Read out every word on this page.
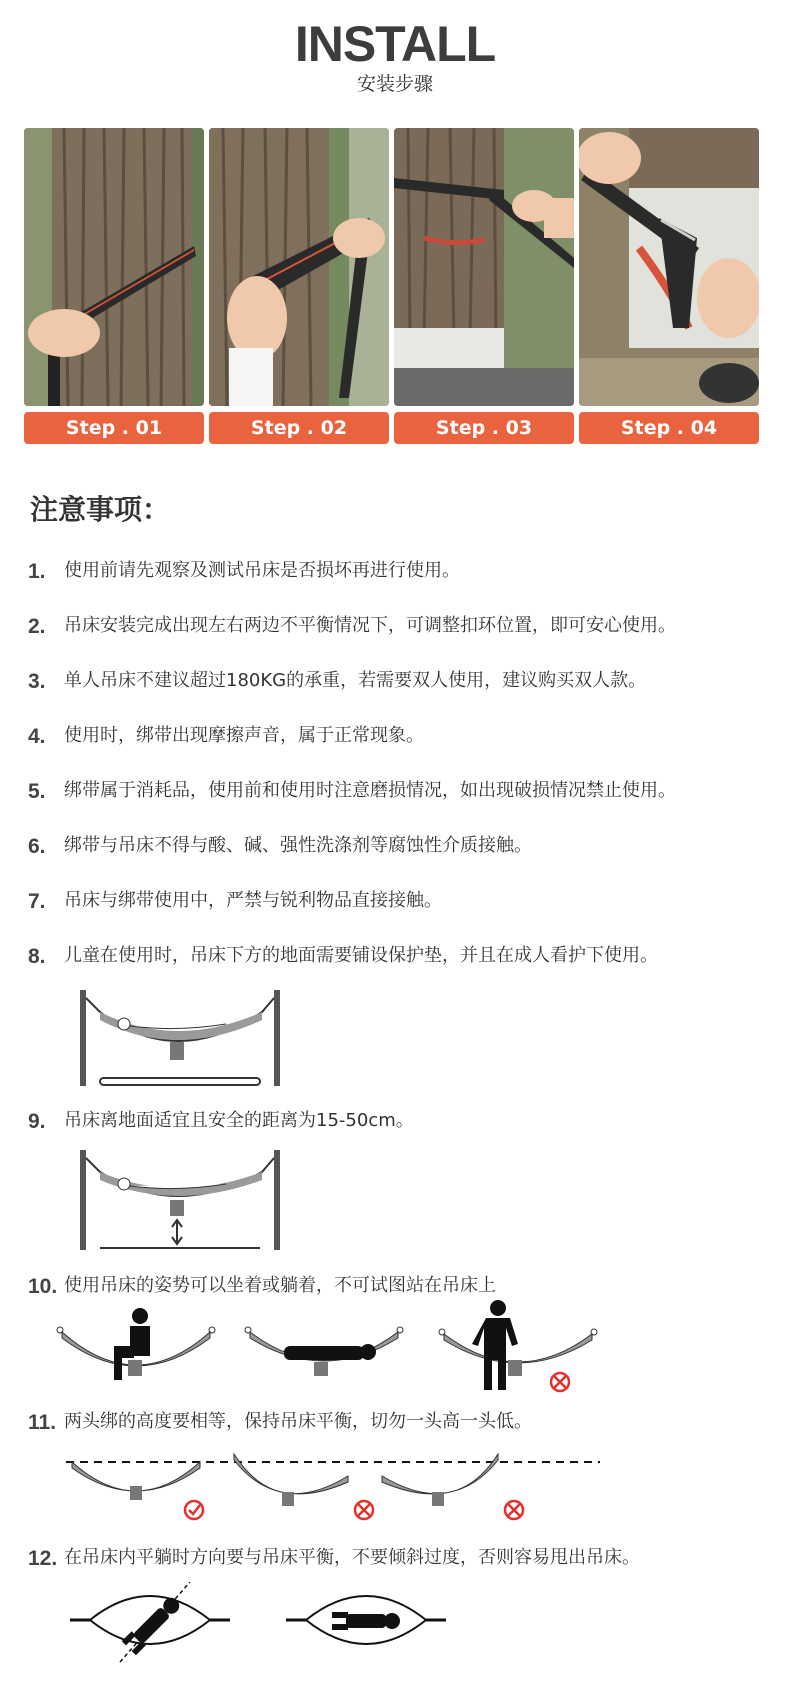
INSTALL
安装步骤
Step . 01	Step . 02	Step . 03	Step . 04
注意事项：
1. 使用前请先观察及测试吊床是否损坏再进行使用。
2. 吊床安装完成出现左右两边不平衡情况下，可调整扣环位置，即可安心使用。
3. 单人吊床不建议超过180KG的承重，若需要双人使用，建议购买双人款。
4. 使用时，绑带出现摩擦声音，属于正常现象。
5. 绑带属于消耗品，使用前和使用时注意磨损情况，如出现破损情况禁止使用。
6. 绑带与吊床不得与酸、碱、强性洗涤剂等腐蚀性介质接触。
7. 吊床与绑带使用中，严禁与锐利物品直接接触。
8. 儿童在使用时，吊床下方的地面需要铺设保护垫，并且在成人看护下使用。
9. 吊床离地面适宜且安全的距离为15-50cm。
10. 使用吊床的姿势可以坐着或躺着，不可试图站在吊床上
11. 两头绑的高度要相等，保持吊床平衡，切勿一头高一头低。
12. 在吊床内平躺时方向要与吊床平衡，不要倾斜过度，否则容易甩出吊床。
